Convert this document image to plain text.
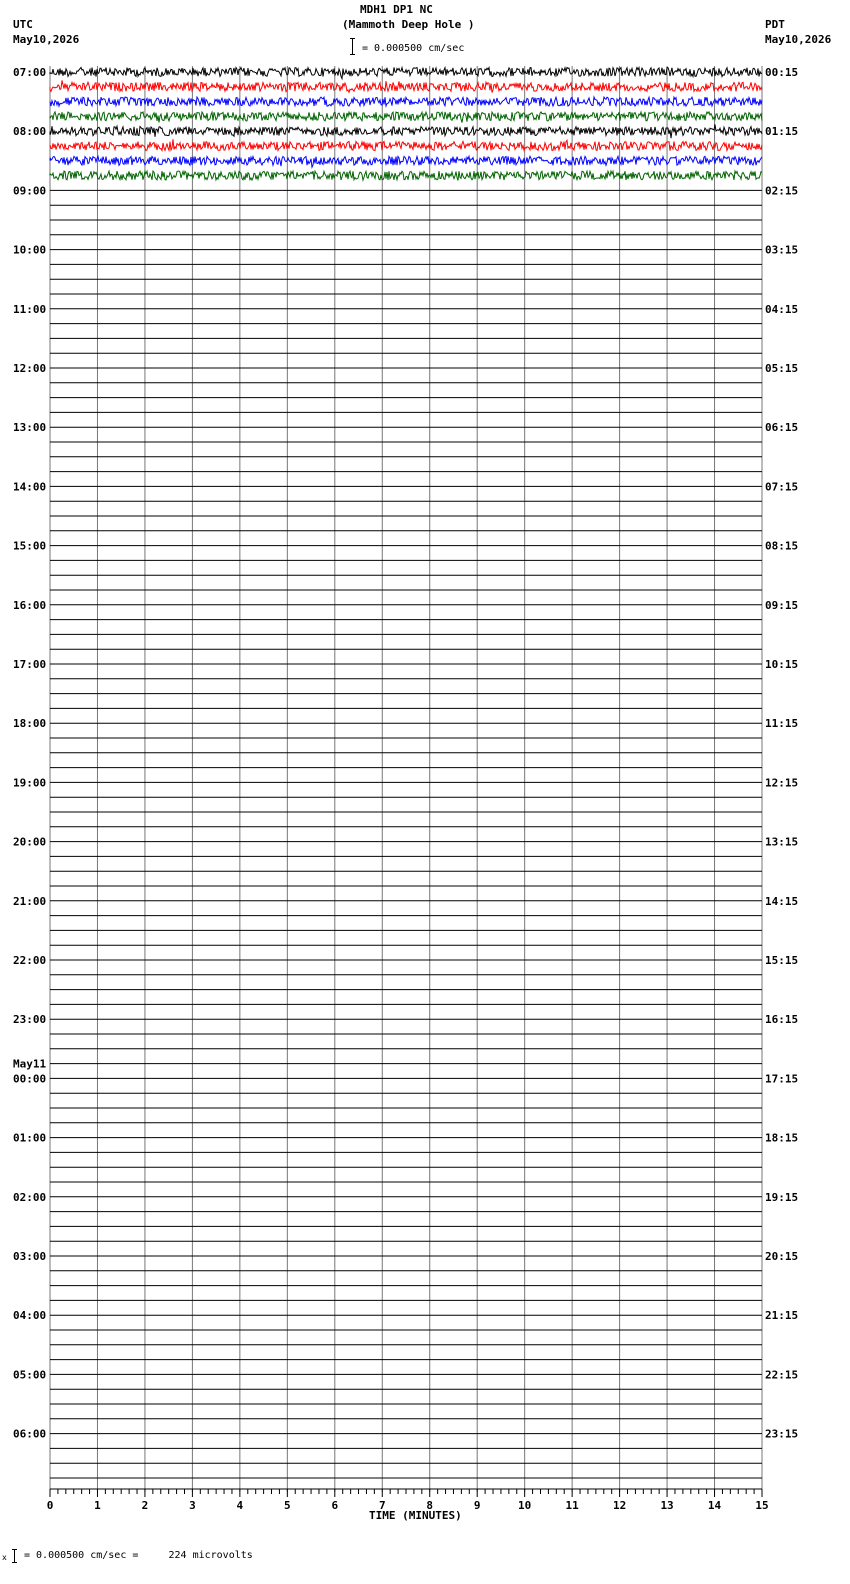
MDH1 DP1 NC
(Mammoth Deep Hole )
= 0.000500 cm/sec
UTC
May10,2026
PDT
May10,2026
07:00
08:00
09:00
10:00
11:00
12:00
13:00
14:00
15:00
16:00
17:00
18:00
19:00
20:00
21:00
22:00
23:00
00:00
01:00
02:00
03:00
04:00
05:00
06:00
00:15
01:15
02:15
03:15
04:15
05:15
06:15
07:15
08:15
09:15
10:15
11:15
12:15
13:15
14:15
15:15
16:15
17:15
18:15
19:15
20:15
21:15
22:15
23:15
May11
0	1	2	3	4	5	6	7	8	9	10	11	12	13	14	15
TIME (MINUTES)
x = 0.000500 cm/sec =     224 microvolts
